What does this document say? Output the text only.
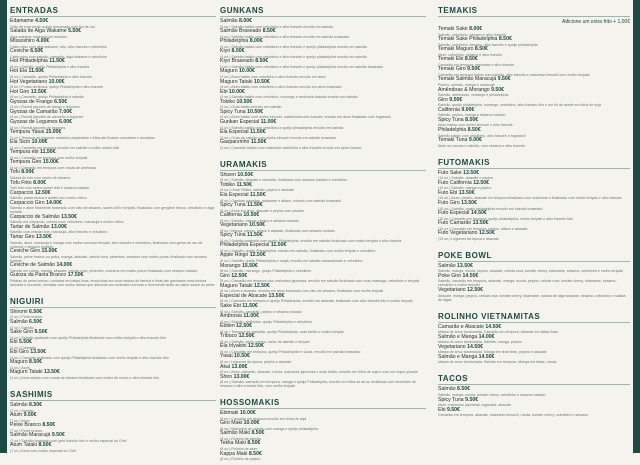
ENTRADAS
Edamame 4.50€
Grão de soja verde cozido temperado com flor de sal
Salada de Alga Wakame 5.50€
Alga wakame marinada em sésamo
Missoshiro 4.00€
Caldo miso com alga wakame, tofu, alho francês e cebolinho
Ceviche 6.50€
Caldo miso com salmão, camarão, alga wakame e cebolinho
Hot Philadelphia 11.50€
(8 un.) Salmão, queijo Philadelphia e alho francês
Hot Ela 11.50€
(8 un.) Camarão, queijo Philadelphia e alho francês
Hot Vegetariano 10.00€
(8 un.) Frutas da época, queijo Philadelphia e alho francês
Hot Giro 13.50€
(8 un.) Camarão, queijo Philadelphia e salmão
Gyozas de Frango 6.50€
(4 un.) Ravioli japonês de frango e legumes
Gyozas de Camarão 7.00€
(4 un.) Ravioli japonês de camarão e legumes
Gyozas de Legumes 6.00€
(4 un.) Ravioli japonês de legumes
Tempura Yasai 15.00€
(1 un.) Tempura de legumes variados preparados e fritos até ficarem crocantes e dourados
Ela Sicio 10.00€
(4 un.) Camarão em tempura envolto em salmão e molho sweet chili
Tempura ebi 11.50€
(5 un.) Camarão em tempura com molho teriyaki
Tempura Giro 15.00€
(4 un.) Camarão em tempura com crosta de amêndoa
Tofu 8.00€
Salada de tofu com molho de sésamo
Tofu Frito 8.00€
Tofu frito com molho sweet chili e sésamo tostado
Carpaccio 12.50€
Salmão, pasta trunca e azeite com molho cítrico
Carpaccio Giro 14.00€
Salmão e atum finamente braseado com óleo de sésamo, sweet chili e teriyaki, finalizado com gengibre fresco, cebolinho e alga tostada
Carpaccio de Salmão 13.50€
Salmão em carpaccio, cebola roxa, cebolinho, maracujá e molho cítrico
Tartar de Salmão 13.00€
Salmão com cebola roxa, maracujá, alho francês e cebolinho
Tartar Giro 13.50€
Salmão, atum, maracujá e manga com molho cremoso teriyaki, alho francês e cebolinho, finalizado com gema de ovo de codorniz e sésamo tostado
Ceviche Giro 15.00€
Salmão, peixe branco ou polvo, manga, abacate, cebola roxa, pimentos, coentros com molho ponzu finalizado com sésamo tostado
Ceviche de Salmão 14.00€
Salmão em cubos, manga, abacate, cebola roxa, pimentos, coentros em molho ponzu finalizado com sésamo tostado
Guioza da Pasta Branco 17.50€
Pétalas de peixe branco, cortadas em fatias finas, envolvidas em uma mistura de farinha e fritas até ganharem uma textura dourada e crocante, servidas com molho tártaro que adiciona um contraste cremoso e levemente ácido ao sabor suave do peixe
NIGUIRI
Shiromi 6.50€
(2 un.) Peixe branco
Salmão 6.50€
(2 un.) Salmão
Sake Giro 9.50€
(4 un.) Salmão gratinado com queijo Philadelphia finalizado com molho teriyaki e alho francês frito
Ebi 5.50€
(2 un.) Camarão
Ebi Giro 13.50€
(4 un.) Camarão gratinado com queijo Philadelphia finalizado com molho teriyaki e alho francês frito
Maguro 8.50€
(2 un.) Atum
Maguro Tataki 13.50€
(4 un.) Atum selado com crosta de sésamo finalizado com molho de nozes e alho francês frito
SASHIMIS
Salmão 8.50€
(7 un.) Salmão
Atum 9.50€
(7 un.) Atum
Peixe Branco 8.50€
(7 un.) Peixe branco
Salmão Maracujá 9.50€
(7 un.) Salmão braseado com gelo francês frito e molho especial do Chef
Atum Tataki 8.50€
(7 un.) Atum com molho especial do Chef
GUNKANS
Salmão 8.00€
(4 un.) Salmão batido com cebolinho e alho francês envolto em salmão
Salmão Braseado 8.50€
(4 un.) Salmão batido com cebolinho e alho francês envolto em salmão braseado
Philadelphia 8.00€
(4 un.) Salmão batido com cebolinho e alho francês e queijo philadelphia envolto em salmão
Kiyo 8.00€
(4 un.) Salmão batido com cebolinho e alho francês e queijo philadelphia envolto em salmão
Kiyo Braseado 8.50€
(4 un.) Salmão batido com cebolinho e alho francês e queijo philadelphia envolto em salmão braseado
Maguro 10.00€
(4 un.) Atum batido com cebolinho e alho francês envolto em atum
Maguro Tataki 10.50€
(4 un.) Atum batido com cebolinho e alho francês envolto em atum braseado
Ebi 10.00€
(4 un.) Salmão batido com cebolinho, morango e amêndoa tostada envolto em salmão
Tobiko 10.50€
(4 un.) Ovas tobiko envolto em salmão
Spicy Tuna 10.50€
(4 un.) Atum batido com molho kimuchi, salsichinha alho francês, envolto em atum finalizado com togarashi
Gunkan Especial 11.00€
(4 un.) Salmão batido com cebolinho e queijo philadelphia envolto em salmão
Ela Especial 11.50€
(4 un.) Ovas de salmão com molho kimuchi envolto em salmão braseado
Gasparzinho 11.50€
(4 un.) Camarão batido com maionese cebolinho e alho francês envolto em peixe branco
URAMAKIS
Shizen 10.50€
(8 un.) Salmão, abacate e camarão, finalizado com sésamo tostado e cebolinho
Tobiko 11.50€
(8 un.) Ovas Tobiko, salmão, pepino e abacate
Ela Especial 11.50€
(8 un.) Gambas panadas, maionese e alface, coberto com salmão braseado
Spicy Tuna 11.50€
(8 un.) Atum em alvor, abacate e pepino com picante
California 10.50€
(8 un.) Salmão, manga, pepino e sésamo tostado
Vegetariano 10.50€
(8 un.) Manga, pepino, alface e abacate, finalizado com sésamo tostado
Spicy Tuna 11.50€
(8 un.) Salmão gratinado com queijo Philadelphia, envolto em salmão finalizado com molho teriyaki e alho francês
Philadelphia Especial 11.50€
(8 un.) Salmão, queijo Philadelphia, envolto em salmão, finalizado com molho teriyaki e cebolinho
Apple Ringo 12.50€
(8 un.) Salmão, queijo Philadelphia e maçã, envolto em salmão caramelizado e cebolinho
Morango 15.50€
(8 un.) Salmão, morango, queijo Philadelphia e cebolinho
Giro 12.50€
(8 un.) Camarão em tempura com maionese japonesa, envolto em salmão finalizado com ovas massago, cebolinho e teriyaki
Maguro Tataki 12.50€
(8 un.) Atum e abacate, envolto em atum braseado com óleo de sésamo, finalizado com molho teriyaki
Especial de Abacate 13.50€
(8 un.) Camarão em tempura e queijo Philadelphia, envolto em abacate, finalizado com alho francês frito e molho teriyaki
Sake Ebi 11.50€
(8 un.) Salmão, camarão, pepino e sésamo tostado
Ambrosia 11.00€
(8 un.) Salmão, amêndoa, queijo Philadelphia e cebolinho
Ebiten 12.50€
(8 un.) Tempura de camarão, queijo Philadelphia, ovas tobiko e molho teriyaki
Tribuco 12.50€
(8 un.) Salmão, atum, pepino, tartar de salmão e teriyaki
Ela Irlyakini 12.50€
(8 un.) Camarão em tempura, queijo Philadelphia e rúcula, envolto em salmão braseado
Yasai 10.50€
(8 un.) Legumes da época, pepino e abacate
Akai 13.00€
(8 un.) Atum, camarão, abacate, rúcula, maionese japonesa e ovas tobiko, envolto em folha de soja e com um toque picante
Shiro 13.00€
(8 un.) Salmão, camarão em tempura, manga e queijo Philadelphia, envolto em folha de arroz, finalizado com sementes de sésamo e alho francês frito, com molho teriyaki
HOSSOMAKIS
Ebimaki 10.00€
(8 un.) Camarão em tempura envolto em folha de soja
Giro Maki 10.00€
(8 un.) Maionese de salmão com manga e queijo philadelphia
Salmão Maki 8.50€
(8 un.) Rolinho de salmão
Tekka Maki 8.50€
(8 un.) Rolinho de atum
Kappa Maki 8.50€
(8 un.) Rolinho de pepino
TEMAKIS
Adicione um extra frito + 1,00€
Temaki Sake 8.00€
Salmão, cebolinho, sésamo e alho francês
Temaki Sake Philadelphia 8.50€
Salmão, cebolinho, sésamo, alho francês e queijo philadelphia
Temaki Maguro 8.50€
Atum, cebolinho, sésamo e alho francês
Temaki Ebi 8.50€
Camarão em tempura, maionese e alho francês
Temaki Giro 9.50€
Camarão em tempura batido com salmão, alho francês e maionese kimuchi com molho teriyaki
Temaki Salmão Maracujá 9.50€
Pepino, salmão, manga e maracujá
Amêndoas & Morango 9.50€
Salmão, amêndoas, morango e philadelphia
Giro 9.50€
Salmão, queijo philadelphia, morango, cebolinho, alho francês frito e um fio de azeite em folha de soja
California 9.00€
Salmão, pepino, manga e sésamo tostado
Spicy Tuna 8.50€
Atum batido com molho kimuchi e alho francês
Philadelphia 8.50€
Salmão batido com cebolinho, alho francês e togarashi
Temaki Tuna 9.00€
Atum em lascas e salmão, com sésamo e alho francês
FUTOMAKIS
Futo Sake 13.50€
(10 un.) Salmão, abacate e pepino
Futo California 12.50€
(10 un.) Salmão, manga e pepino
Futo Ebi 13.50€
(10 un.) Atum, pepino, abacate em tempura finalizado com maionese e finalizado com molho teriyaki e alho francês
Futo Giro 13.50€
(10 un.) Salmão, queijo philadelphia envolto em salmão braseado
Futo Especial 14.50€
(10 un.) Camarão em tempura, queijo philadelphia, molho teriyaki e alho francês frito
Futo Camarão 13.50€
(10 un.) Camarão em tempura, pepino, alface e abacate
Futo Vegetariano 12.50€
(10 un.) Legumes da época e abacate
POKE BOWL
Salmão 13.50€
Salmão, manga, rúcula, pepino, abacate, cebola roxa, tomate cherry, edamame, sésamo, cebolinho e molho teriyaki
Poke Giro 14.50€
Salmão, camarão em tempura, abacate, manga, rúcula, pepino, cebola roxa, tomate cherry, edamame, sésamo, cebolinho e molho teriyaki
Vegetariano 12.50€
Abacate, manga, pepino, cebola roxa, tomate cherry, edamame, salada de alga wakame, sésamo, cebolinho e salada de algas
ROLINHO VIETNAMITAS
Camarão e Abacate 14.50€
Massa de arroz tamboriada, Camarão em tempura, Abacate em fatias finas
Salmão e Manga 14.00€
Massa de arroz tamboriada, Salmão, manga, pepino
Vegetariano 14.50€
Massa de arroz tamboriada, Manga em tiras finas, pepino e abacate
Salmão e Manga 14.50€
Massa de arroz tamboriada, Salmão em tempura, Manga em fatias, rúcula
TACOS
Salmão 8.50€
Salmão, manga, rúcula, tomate cherry, cebolinho e sésamo tostado
Spicy Tuna 9.50€
Atum, maionese japonesa, togarashi, abacate
Ebi 9.50€
Camarão em tempura, abacate, maionese kimuchi, rúcula, tomate cherry, cebolinho e sésamo
